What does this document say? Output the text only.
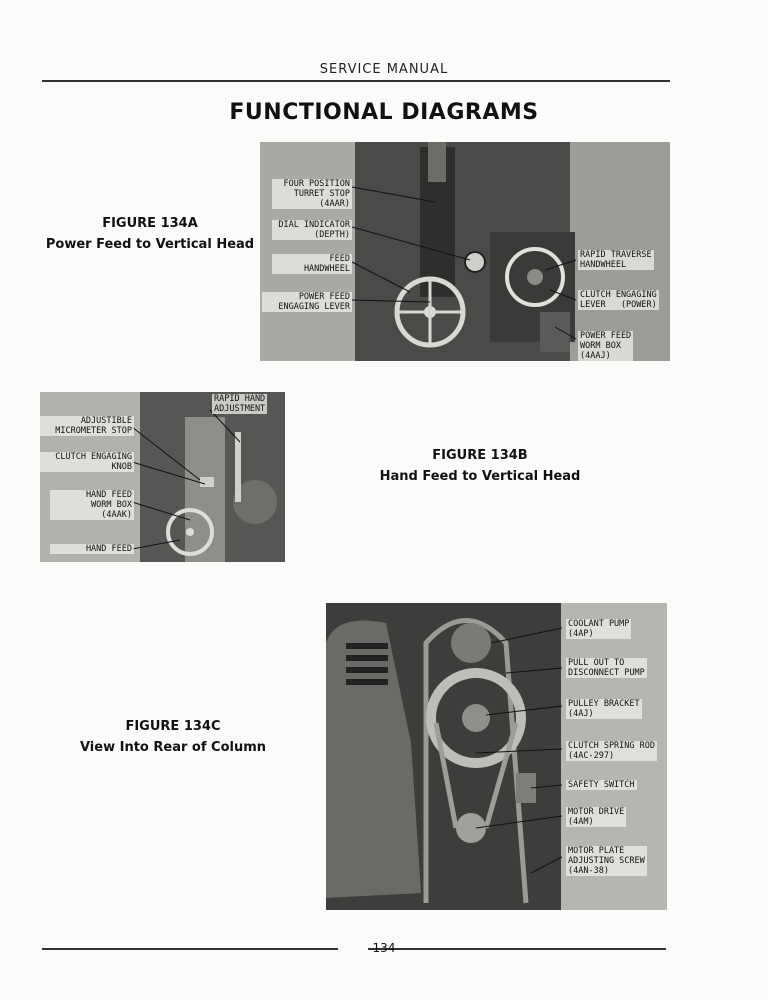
SERVICE MANUAL
FUNCTIONAL DIAGRAMS
FIGURE 134A
Power Feed to Vertical Head
FOUR POSITION
TURRET STOP
(4AAR)
DIAL INDICATOR
(DEPTH)
FEED
HANDWHEEL
POWER FEED
ENGAGING LEVER
RAPID TRAVERSE
HANDWHEEL
CLUTCH ENGAGING
LEVER   (POWER)
POWER FEED
WORM BOX
(4AAJ)
RAPID HAND
ADJUSTMENT
ADJUSTIBLE
MICROMETER STOP
CLUTCH ENGAGING
KNOB
HAND FEED
WORM BOX
(4AAK)
HAND FEED
FIGURE 134B
Hand Feed to Vertical Head
FIGURE 134C
View Into Rear of Column
COOLANT PUMP
(4AP)
PULL OUT TO
DISCONNECT PUMP
PULLEY BRACKET
(4AJ)
CLUTCH SPRING ROD
(4AC-297)
SAFETY SWITCH
MOTOR DRIVE
(4AM)
MOTOR PLATE
ADJUSTING SCREW
(4AN-38)
134
